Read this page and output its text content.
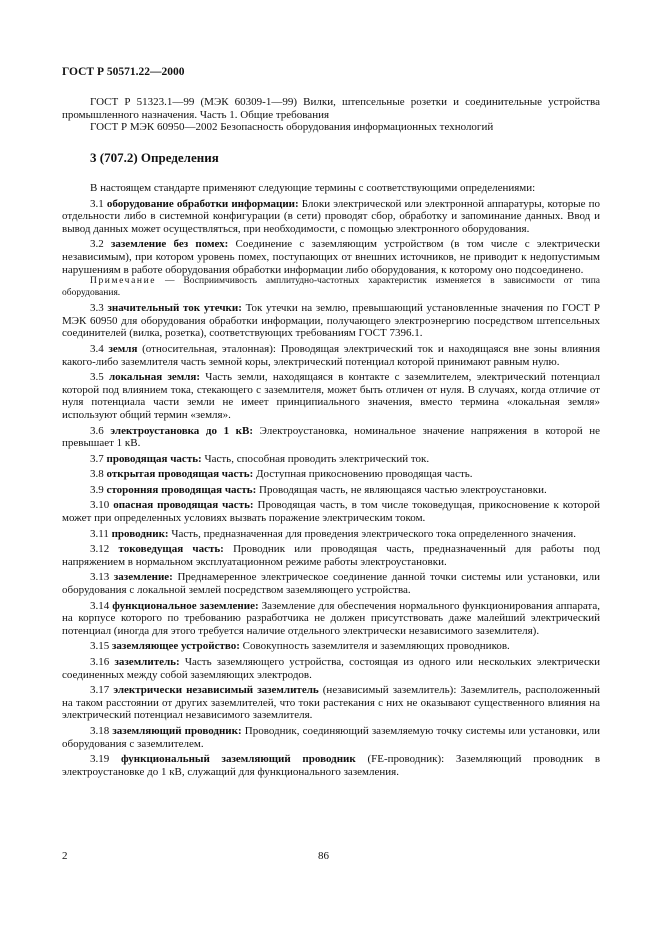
ГОСТ Р 50571.22—2000

ГОСТ Р 51323.1—99 (МЭК 60309-1—99) Вилки, штепсельные розетки и соединительные устройства промышленного назначения. Часть 1. Общие требования

ГОСТ Р МЭК 60950—2002 Безопасность оборудования информационных технологий

3 (707.2) Определения

В настоящем стандарте применяют следующие термины с соответствующими определениями:

3.1 оборудование обработки информации: Блоки электрической или электронной аппаратуры, которые по отдельности либо в системной конфигурации (в сети) проводят сбор, обработку и запоминание данных. Ввод и вывод данных может осуществляться, при необходимости, с помощью электронного оборудования.

3.2 заземление без помех: Соединение с заземляющим устройством (в том числе с электрически независимым), при котором уровень помех, поступающих от внешних источников, не приводит к недопустимым нарушениям в работе оборудования обработки информации либо оборудования, к которому оно подсоединено.

Примечание — Восприимчивость амплитудно-частотных характеристик изменяется в зависимости от типа оборудования.

3.3 значительный ток утечки: Ток утечки на землю, превышающий установленные значения по ГОСТ Р МЭК 60950 для оборудования обработки информации, получающего электроэнергию посредством штепсельных соединителей (вилка, розетка), соответствующих требованиям ГОСТ 7396.1.

3.4 земля (относительная, эталонная): Проводящая электрический ток и находящаяся вне зоны влияния какого-либо заземлителя часть земной коры, электрический потенциал которой принимают равным нулю.

3.5 локальная земля: Часть земли, находящаяся в контакте с заземлителем, электрический потенциал которой под влиянием тока, стекающего с заземлителя, может быть отличен от нуля. В случаях, когда отличие от нуля потенциала части земли не имеет принципиального значения, вместо термина «локальная земля» используют общий термин «земля».

3.6 электроустановка до 1 кВ: Электроустановка, номинальное значение напряжения в которой не превышает 1 кВ.

3.7 проводящая часть: Часть, способная проводить электрический ток.

3.8 открытая проводящая часть: Доступная прикосновению проводящая часть.

3.9 сторонняя проводящая часть: Проводящая часть, не являющаяся частью электроустановки.

3.10 опасная проводящая часть: Проводящая часть, в том числе токоведущая, прикосновение к которой может при определенных условиях вызвать поражение электрическим током.

3.11 проводник: Часть, предназначенная для проведения электрического тока определенного значения.

3.12 токоведущая часть: Проводник или проводящая часть, предназначенный для работы под напряжением в нормальном эксплуатационном режиме работы электроустановки.

3.13 заземление: Преднамеренное электрическое соединение данной точки системы или установки, или оборудования с локальной землей посредством заземляющего устройства.

3.14 функциональное заземление: Заземление для обеспечения нормального функционирования аппарата, на корпусе которого по требованию разработчика не должен присутствовать даже малейший электрический потенциал (иногда для этого требуется наличие отдельного электрически независимого заземлителя).

3.15 заземляющее устройство: Совокупность заземлителя и заземляющих проводников.

3.16 заземлитель: Часть заземляющего устройства, состоящая из одного или нескольких электрически соединенных между собой заземляющих электродов.

3.17 электрически независимый заземлитель (независимый заземлитель): Заземлитель, расположенный на таком расстоянии от других заземлителей, что токи растекания с них не оказывают существенного влияния на электрический потенциал независимого заземлителя.

3.18 заземляющий проводник: Проводник, соединяющий заземляемую точку системы или установки, или оборудования с заземлителем.

3.19 функциональный заземляющий проводник (FE-проводник): Заземляющий проводник в электроустановке до 1 кВ, служащий для функционального заземления.

2	86
